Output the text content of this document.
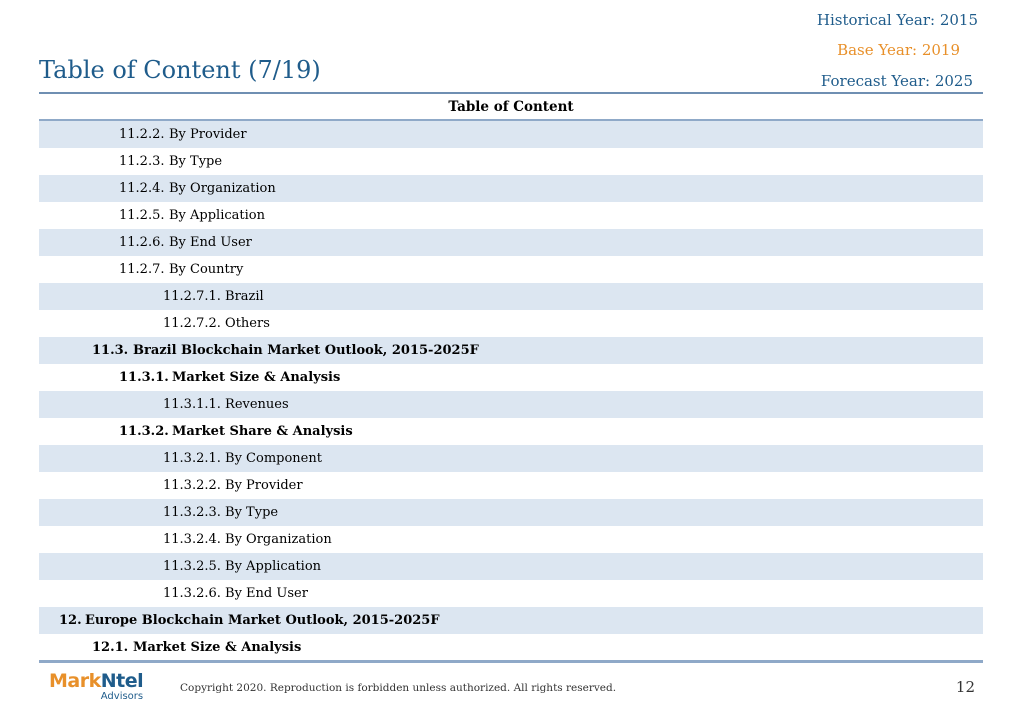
Historical Year: 2015
Base Year: 2019
Forecast Year: 2025
Table of Content (7/19)
Table of Content
11.2.2. By Provider
11.2.3. By Type
11.2.4. By Organization
11.2.5. By Application
11.2.6. By End User
11.2.7. By Country
11.2.7.1. Brazil
11.2.7.2. Others
11.3. Brazil Blockchain Market Outlook, 2015-2025F
11.3.1. Market Size & Analysis
11.3.1.1. Revenues
11.3.2. Market Share & Analysis
11.3.2.1. By Component
11.3.2.2. By Provider
11.3.2.3. By Type
11.3.2.4. By Organization
11.3.2.5. By Application
11.3.2.6. By End User
12. Europe Blockchain Market Outlook, 2015-2025F
12.1. Market Size & Analysis
MarkNtel
Advisors
Copyright 2020. Reproduction is forbidden unless authorized. All rights reserved.	12
